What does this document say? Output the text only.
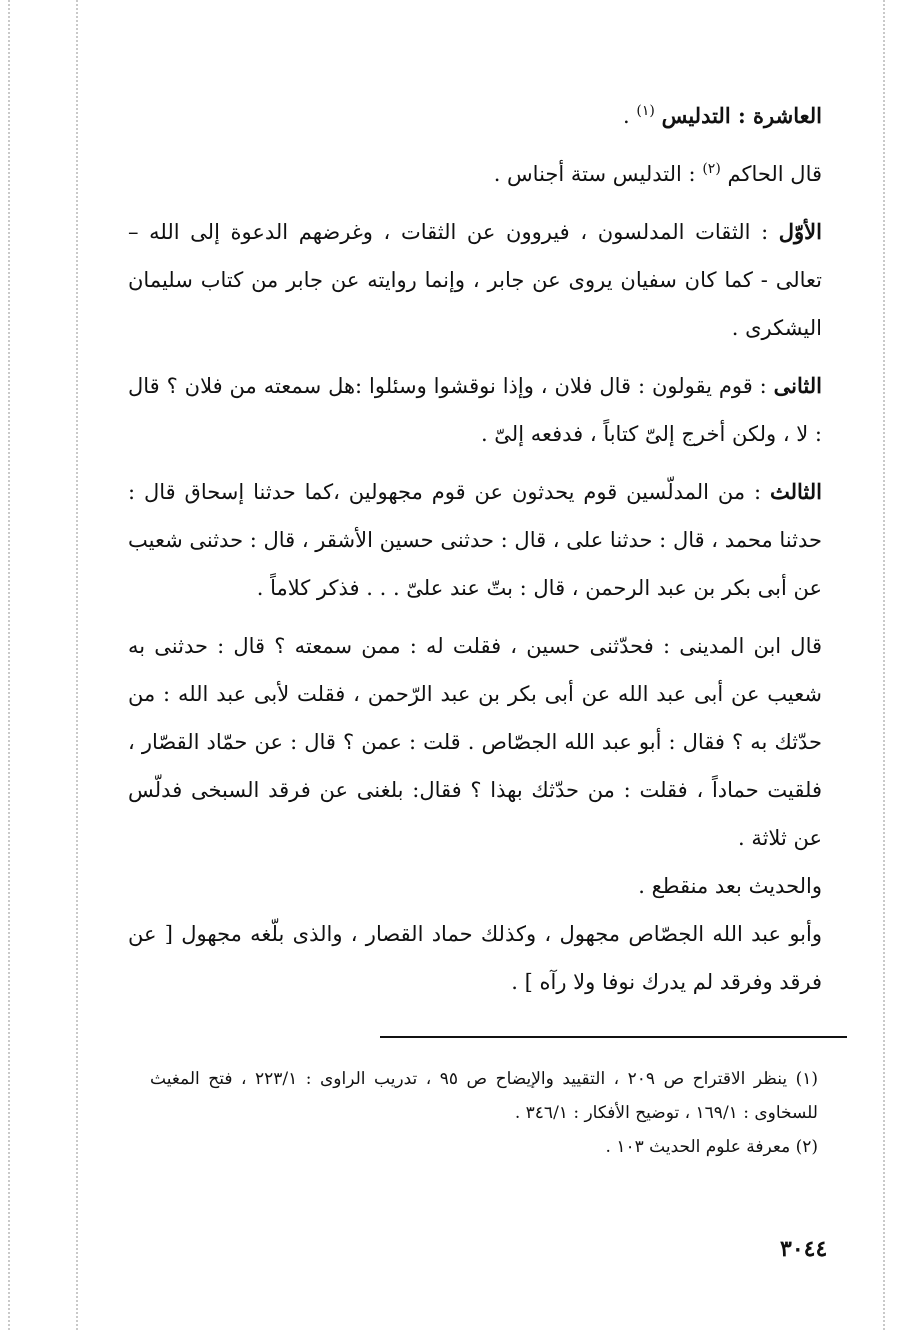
العاشرة : التدليس $^{(١)}$ .

قال الحاكم $^{(٢)}$ : التدليس ستة أجناس .

الأوّل : الثقات المدلسون ، فيروون عن الثقات ، وغرضهم الدعوة إلى الله – تعالى - كما كان سفيان يروى عن جابر ، وإنما روايته عن جابر من كتاب سليمان اليشكرى .

الثانى : قوم يقولون : قال فلان ، وإذا نوقشوا وسئلوا :هل سمعته من فلان ؟ قال : لا ، ولكن أخرج إلىّ كتاباً ، فدفعه إلىّ .

الثالث : من المدلّسين قوم يحدثون عن قوم مجهولين ،كما حدثنا إسحاق قال : حدثنا محمد ، قال : حدثنا على ، قال : حدثنى حسين الأشقر ، قال : حدثنى شعيب عن أبى بكر بن عبد الرحمن ، قال : بتّ عند علىّ . . . فذكر كلاماً .

قال ابن المدينى : فحدّثنى حسين ، فقلت له : ممن سمعته ؟ قال : حدثنى به شعيب عن أبى عبد الله عن أبى بكر بن عبد الرّحمن ، فقلت لأبى عبد الله : من حدّثك به ؟ فقال : أبو عبد الله الجصّاص . قلت : عمن ؟ قال : عن حمّاد القصّار ، فلقيت حماداً ، فقلت : من حدّثك بهذا ؟ فقال: بلغنى عن فرقد السبخى فدلّس عن ثلاثة .

والحديث بعد منقطع .

وأبو عبد الله الجصّاص مجهول ، وكذلك حماد القصار ، والذى بلّغه مجهول [ عن فرقد وفرقد لم يدرك نوفا ولا رآه ] .

(١) ينظر الاقتراح ص ٢٠٩ ، التقييد والإيضاح ص ٩٥ ، تدريب الراوى : ٢٢٣/١ ، فتح المغيث للسخاوى : ١٦٩/١ ، توضيح الأفكار : ٣٤٦/١ .

(٢) معرفة علوم الحديث ١٠٣ .

٣٠٤٤
